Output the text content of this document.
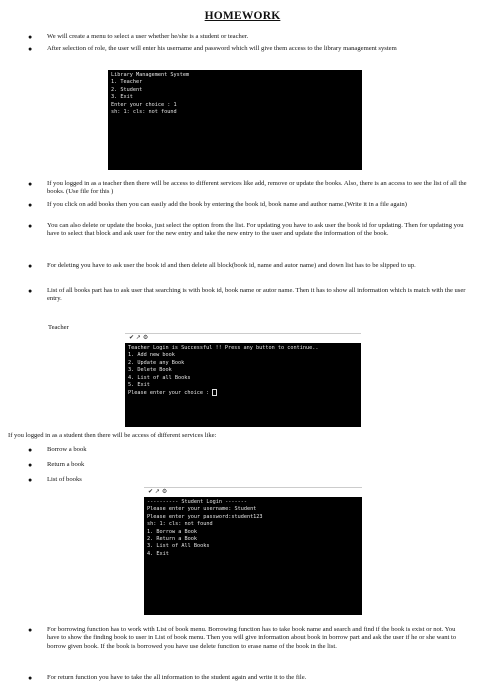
HOMEWORK
● We will create a menu to select a user whether he/she is a student or teacher.
● After selection of role, the user will enter his username and password which will give them access to the library management system
Library Management System
1. Teacher
2. Student
3. Exit
Enter your choice : 1
sh: 1: cls: not found
● If you logged in as a teacher then there will be access to different services like add, remove or update the books. Also, there is an access to see the list of all the books. (Use file for this )
● If you click on add books then you can easily add the book by entering the book id, book name and author name.(Write it in a file again)
● You can also delete or update the books, just select the option from the list. For updating you have to ask user the book id for updating. Then for updating you have to select that block and ask user for the new entry and take the new entry to the user and update the information of the book.
● For deleting you have to ask user the book id and then delete all block(book id, name and autor name) and down list has to be slipped to up.
● List of all books part has to ask user that searching is with book id, book name or autor name. Then it has to show all information which is match with the user entry.
Teacher
✔ ↗ ⚙
Teacher Login is Successful !! Press any button to continue..
1. Add new book
2. Update any Book
3. Delete Book
4. List of all Books
5. Exit
Please enter your choice :
If you logged in as a student then there will be access of different services like:
● Borrow a book
● Return a book
● List of books
✔ ↗ ⚙
---------- Student Login -------
Please enter your username: Student
Please enter your password:student123
sh: 1: cls: not found
1. Borrow a Book
2. Return a Book
3. List of All Books
4. Exit
● For borrowing function has to work with List of book menu. Borrowing function has to take book name and search and find if the book is exist or not. You have to show the finding book to user in List of book menu. Then you will give information about book in borrow part and ask the user if he or she want to borrow given book. If the book is borrowed you have use delete function to erase name of the book in the list.
● For return function you have to take the all information to the student again and write it to the file.
